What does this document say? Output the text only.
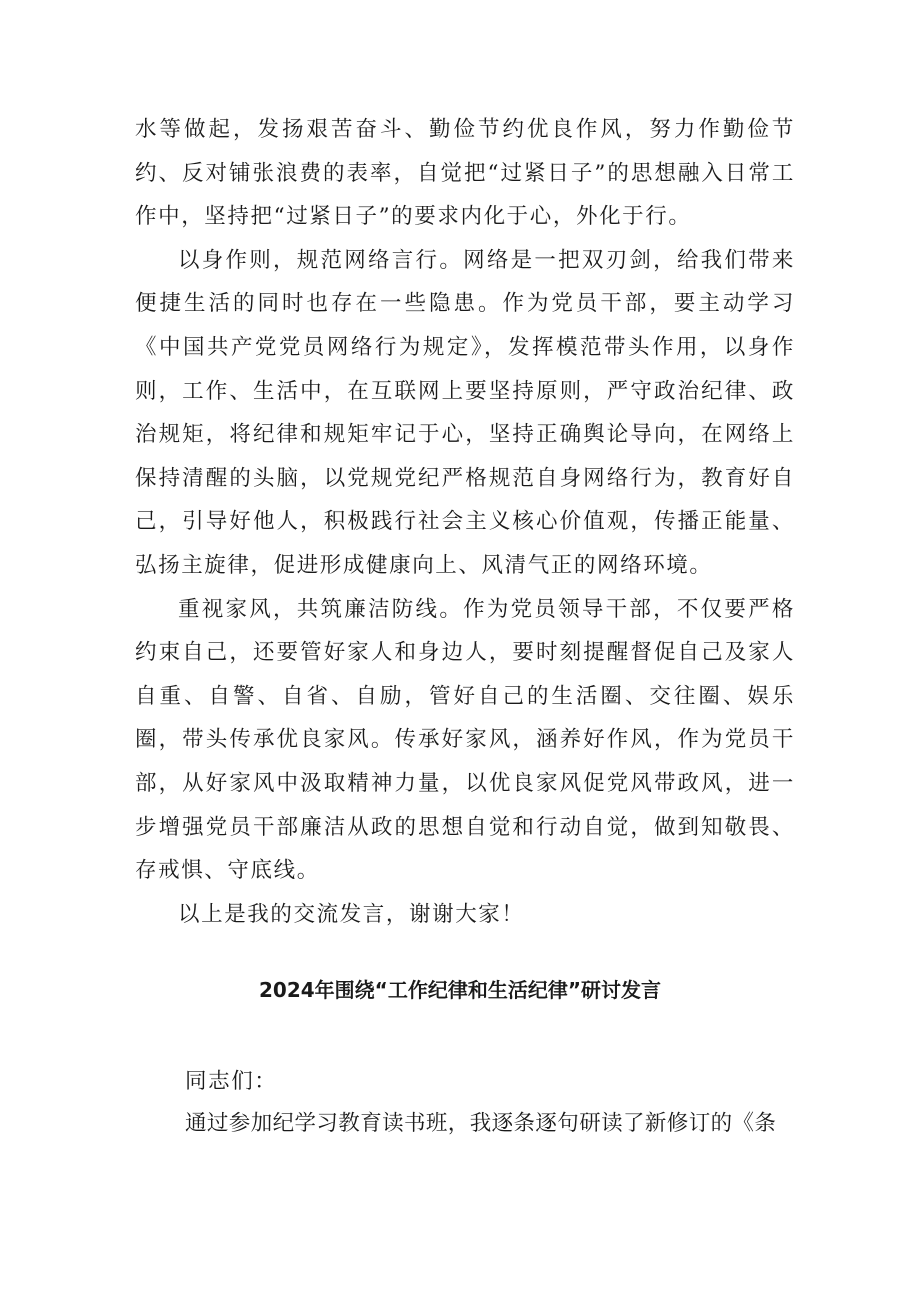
水等做起，发扬艰苦奋斗、勤俭节约优良作风，努力作勤俭节约、反对铺张浪费的表率，自觉把“过紧日子”的思想融入日常工作中，坚持把“过紧日子”的要求内化于心，外化于行。

以身作则，规范网络言行。网络是一把双刃剑，给我们带来便捷生活的同时也存在一些隐患。作为党员干部，要主动学习《中国共产党党员网络行为规定》，发挥模范带头作用，以身作则，工作、生活中，在互联网上要坚持原则，严守政治纪律、政治规矩，将纪律和规矩牢记于心，坚持正确舆论导向，在网络上保持清醒的头脑，以党规党纪严格规范自身网络行为，教育好自己，引导好他人，积极践行社会主义核心价值观，传播正能量、弘扬主旋律，促进形成健康向上、风清气正的网络环境。

重视家风，共筑廉洁防线。作为党员领导干部，不仅要严格约束自己，还要管好家人和身边人，要时刻提醒督促自己及家人自重、自警、自省、自励，管好自己的生活圈、交往圈、娱乐圈，带头传承优良家风。传承好家风，涵养好作风，作为党员干部，从好家风中汲取精神力量，以优良家风促党风带政风，进一步增强党员干部廉洁从政的思想自觉和行动自觉，做到知敬畏、存戒惧、守底线。

以上是我的交流发言，谢谢大家！

2024年围绕“工作纪律和生活纪律”研讨发言
同志们：
通过参加纪学习教育读书班，我逐条逐句研读了新修订的《条
